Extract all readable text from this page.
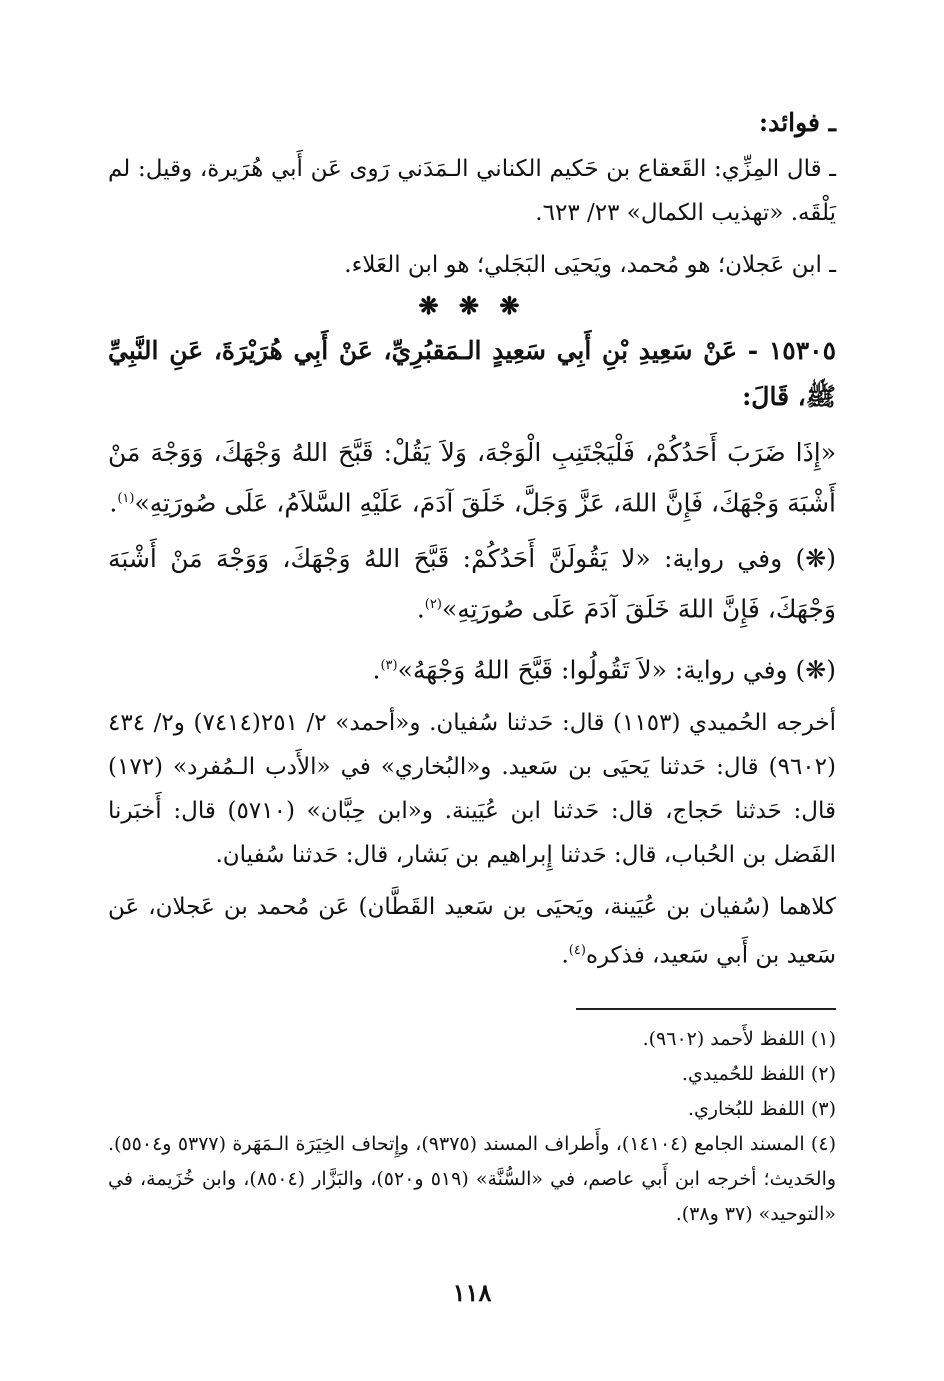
ـ فوائد:

ـ قال المِزِّي: القَعقاع بن حَكيم الكناني الـمَدَني رَوى عَن أَبي هُرَيرة، وقيل: لم يَلْقَه. «تهذيب الكمال» ٢٣/ ٦٢٣.

ـ ابن عَجلان؛ هو مُحمد، ويَحيَى البَجَلي؛ هو ابن العَلاء.

❋ ❋ ❋

١٥٣٠٥ - عَنْ سَعِيدِ بْنِ أَبِي سَعِيدٍ الـمَقبُرِيِّ، عَنْ أَبِي هُرَيْرَةَ، عَنِ النَّبِيِّ ﷺ، قَالَ:

«إِذَا ضَرَبَ أَحَدُكُمْ، فَلْيَجْتَنِبِ الْوَجْهَ، وَلاَ يَقُلْ: قَبَّحَ اللهُ وَجْهَكَ، وَوَجْهَ مَنْ أَشْبَهَ وَجْهَكَ، فَإِنَّ اللهَ، عَزَّ وَجَلَّ، خَلَقَ آدَمَ، عَلَيْهِ السَّلاَمُ، عَلَى صُورَتِهِ»$^{(١)}$.

(❋) وفي رواية: «لا يَقُولَنَّ أَحَدُكُمْ: قَبَّحَ اللهُ وَجْهَكَ، وَوَجْهَ مَنْ أَشْبَهَ وَجْهَكَ، فَإِنَّ اللهَ خَلَقَ آدَمَ عَلَى صُورَتِهِ»$^{(٢)}$.

(❋) وفي رواية: «لاَ تَقُولُوا: قَبَّحَ اللهُ وَجْهَهُ»$^{(٣)}$.

أخرجه الحُميدي (١١٥٣) قال: حَدثنا سُفيان. و«أحمد» ٢/ ٢٥١(٧٤١٤) و٢/ ٤٣٤ (٩٦٠٢) قال: حَدثنا يَحيَى بن سَعيد. و«البُخاري» في «الأَدب الـمُفرد» (١٧٢) قال: حَدثنا حَجاج، قال: حَدثنا ابن عُيَينة. و«ابن حِبَّان» (٥٧١٠) قال: أَخبَرنا الفَضل بن الحُباب، قال: حَدثنا إِبراهيم بن بَشار، قال: حَدثنا سُفيان.

كلاهما (سُفيان بن عُيَينة، ويَحيَى بن سَعيد القَطَّان) عَن مُحمد بن عَجلان، عَن سَعيد بن أَبي سَعيد، فذكره$^{(٤)}$.

(١) اللفظ لأَحمد (٩٦٠٢).

(٢) اللفظ للحُميدي.

(٣) اللفظ للبُخاري.

(٤) المسند الجامع (١٤١٠٤)، وأَطراف المسند (٩٣٧٥)، وإِتحاف الخِيَرَة الـمَهَرة (٥٣٧٧ و٥٥٠٤). والحَديث؛ أخرجه ابن أَبي عاصم، في «السُّنَّة» (٥١٩ و٥٢٠)، والبَزَّار (٨٥٠٤)، وابن خُزَيمة، في «التوحيد» (٣٧ و٣٨).

١١٨
